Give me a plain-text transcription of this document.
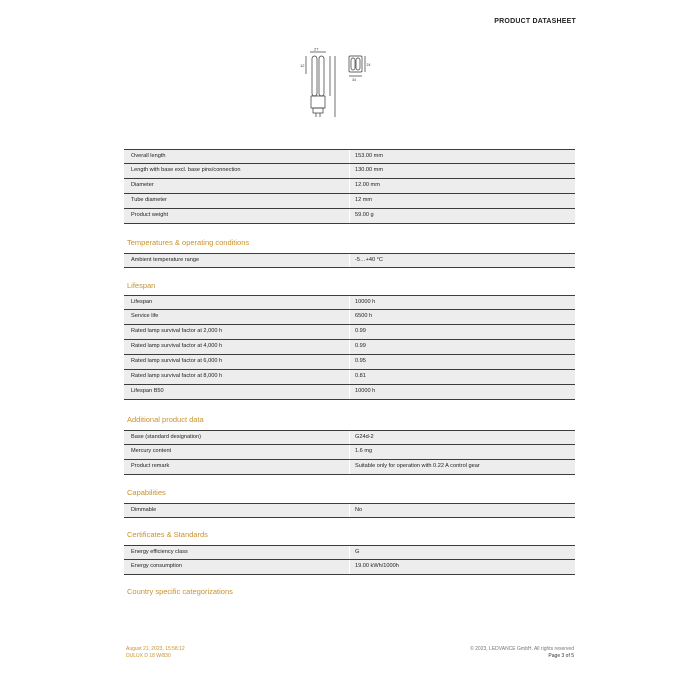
PRODUCT DATASHEET
27
12	24
34
Overall length	153.00 mm
Length with base excl. base pins/connection	130.00 mm
Diameter	12.00 mm
Tube diameter	12 mm
Product weight	59.00 g
Temperatures & operating conditions
Ambient temperature range	-5…+40 °C
Lifespan
Lifespan	10000 h
Service life	6500 h
Rated lamp survival factor at 2,000 h	0.99
Rated lamp survival factor at 4,000 h	0.99
Rated lamp survival factor at 6,000 h	0.95
Rated lamp survival factor at 8,000 h	0.81
Lifespan B50	10000 h
Additional product data
Base (standard designation)	G24d-2
Mercury content	1.6 mg
Product remark	Suitable only for operation with 0.22 A control gear
Capabilities
Dimmable	No
Certificates & Standards
Energy efficiency class	G
Energy consumption	19.00 kWh/1000h
Country specific categorizations
August 21, 2023, 15:58:12
DULUX D 18 W/830
© 2023, LEDVANCE GmbH. All rights reserved
Page 3 of 5
